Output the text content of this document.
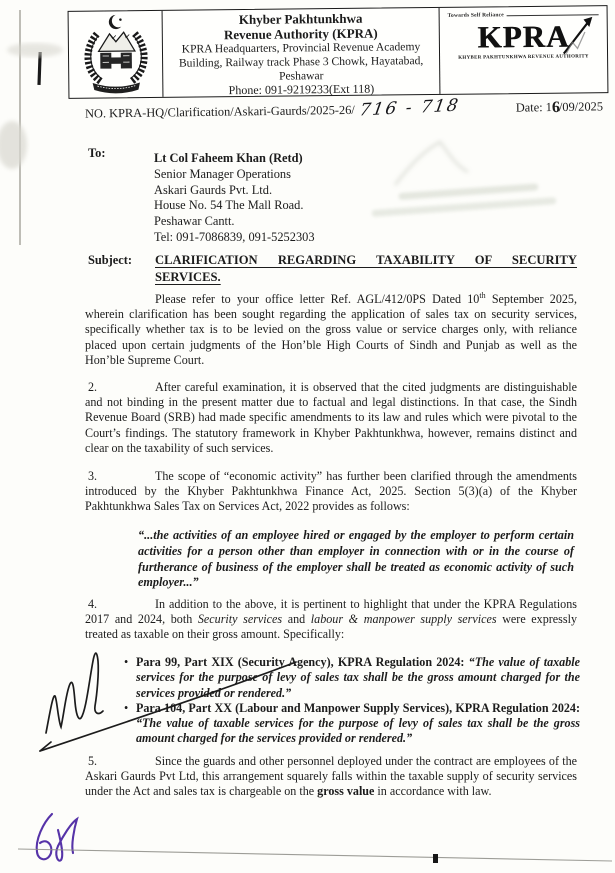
Khyber Pakhtunkhwa
Revenue Authority (KPRA)
KPRA Headquarters, Provincial Revenue Academy
Building, Railway track Phase 3 Chowk, Hayatabad,
Peshawar
Phone: 091-9219233(Ext 118)
Towards Self Reliance
KPRA
KHYBER PAKHTUNKHWA REVENUE AUTHORITY
NO. KPRA-HQ/Clarification/Askari-Gaurds/2025-26/ 716 - 718	Date: 16/09/2025
To:	Lt Col Faheem Khan (Retd)
Senior Manager Operations
Askari Gaurds Pvt. Ltd.
House No. 54 The Mall Road.
Peshawar Cantt.
Tel: 091-7086839, 091-5252303
Subject: CLARIFICATION REGARDING TAXABILITY OF SECURITY SERVICES.
Please refer to your office letter Ref. AGL/412/0PS Dated 10th September 2025, wherein clarification has been sought regarding the application of sales tax on security services, specifically whether tax is to be levied on the gross value or service charges only, with reliance placed upon certain judgments of the Hon’ble High Courts of Sindh and Punjab as well as the Hon’ble Supreme Court.
2.	After careful examination, it is observed that the cited judgments are distinguishable and not binding in the present matter due to factual and legal distinctions. In that case, the Sindh Revenue Board (SRB) had made specific amendments to its law and rules which were pivotal to the Court’s findings. The statutory framework in Khyber Pakhtunkhwa, however, remains distinct and clear on the taxability of such services.
3.	The scope of “economic activity” has further been clarified through the amendments introduced by the Khyber Pakhtunkhwa Finance Act, 2025. Section 5(3)(a) of the Khyber Pakhtunkhwa Sales Tax on Services Act, 2022 provides as follows:
“...the activities of an employee hired or engaged by the employer to perform certain activities for a person other than employer in connection with or in the course of furtherance of business of the employer shall be treated as economic activity of such employer...”
4.	In addition to the above, it is pertinent to highlight that under the KPRA Regulations 2017 and 2024, both Security services and labour & manpower supply services were expressly treated as taxable on their gross amount. Specifically:
• Para 99, Part XIX (Security Agency), KPRA Regulation 2024: “The value of taxable services for the purpose of levy of sales tax shall be the gross amount charged for the services provided or rendered.”
• Para 104, Part XX (Labour and Manpower Supply Services), KPRA Regulation 2024: “The value of taxable services for the purpose of levy of sales tax shall be the gross amount charged for the services provided or rendered.”
5.	Since the guards and other personnel deployed under the contract are employees of the Askari Gaurds Pvt Ltd, this arrangement squarely falls within the taxable supply of security services under the Act and sales tax is chargeable on the gross value in accordance with law.
